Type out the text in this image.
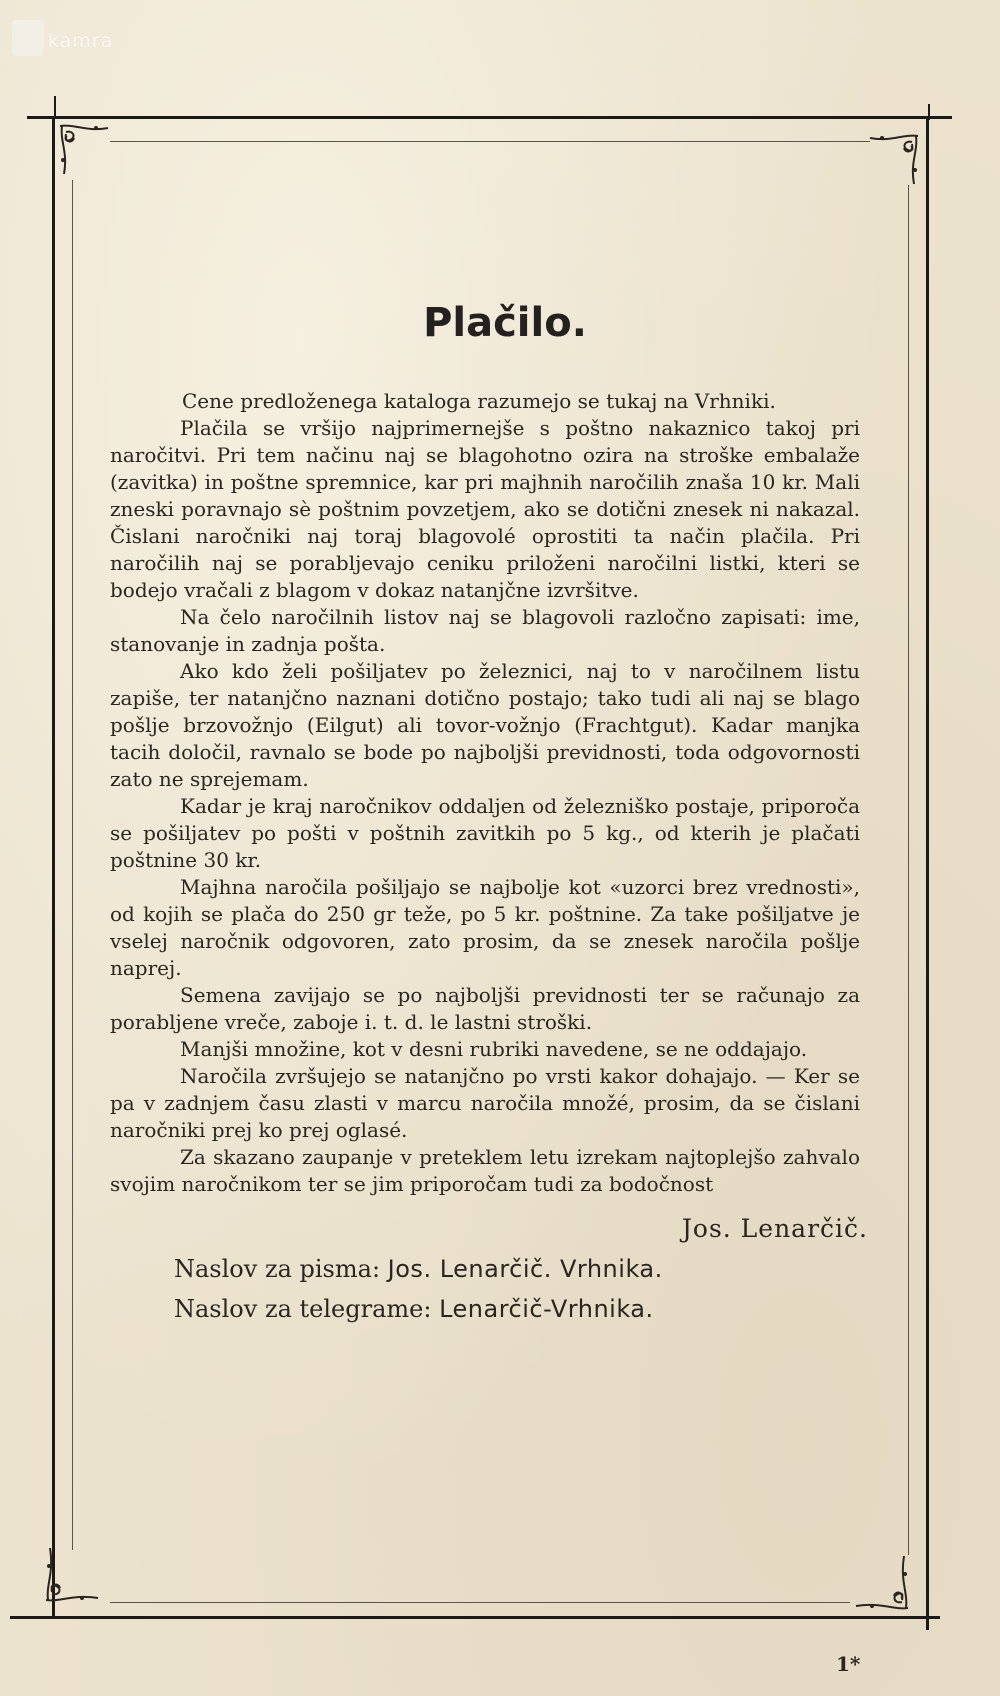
kamra
Plačilo.

Cene predloženega kataloga razumejo se tukaj na Vrhniki.

Plačila se vršijo najprimernejše s poštno nakaznico takoj pri naročitvi. Pri tem načinu naj se blagohotno ozira na stroške embalaže (zavitka) in poštne spremnice, kar pri majhnih naročilih znaša 10 kr. Mali zneski poravnajo sè poštnim povzetjem, ako se dotični znesek ni nakazal. Čislani naročniki naj toraj blagovolé oprostiti ta način plačila. Pri naročilih naj se porabljevajo ceniku priloženi naročilni listki, kteri se bodejo vračali z blagom v dokaz natanjčne izvršitve.

Na čelo naročilnih listov naj se blagovoli razločno zapisati: ime, stanovanje in zadnja pošta.

Ako kdo želi pošiljatev po železnici, naj to v naročilnem listu zapiše, ter natanjčno naznani dotično postajo; tako tudi ali naj se blago pošlje brzovožnjo (Eilgut) ali tovor-vožnjo (Frachtgut). Kadar manjka tacih določil, ravnalo se bode po najboljši previdnosti, toda odgovornosti zato ne sprejemam.

Kadar je kraj naročnikov oddaljen od železniško postaje, priporoča se pošiljatev po pošti v poštnih zavitkih po 5 kg., od kterih je plačati poštnine 30 kr.

Majhna naročila pošiljajo se najbolje kot «uzorci brez vrednosti», od kojih se plača do 250 gr teže, po 5 kr. poštnine. Za take pošiljatve je vselej naročnik odgovoren, zato prosim, da se znesek naročila pošlje naprej.

Semena zavijajo se po najboljši previdnosti ter se računajo za porabljene vreče, zaboje i. t. d. le lastni stroški.

Manjši množine, kot v desni rubriki navedene, se ne oddajajo.

Naročila zvršujejo se natanjčno po vrsti kakor dohajajo. — Ker se pa v zadnjem času zlasti v marcu naročila množé, prosim, da se čislani naročniki prej ko prej oglasé.

Za skazano zaupanje v preteklem letu izrekam najtoplejšo zahvalo svojim naročnikom ter se jim priporočam tudi za bodočnost

Jos. Lenarčič.
Naslov za pisma: Jos. Lenarčič. Vrhnika.
Naslov za telegrame: Lenarčič-Vrhnika.
1*
